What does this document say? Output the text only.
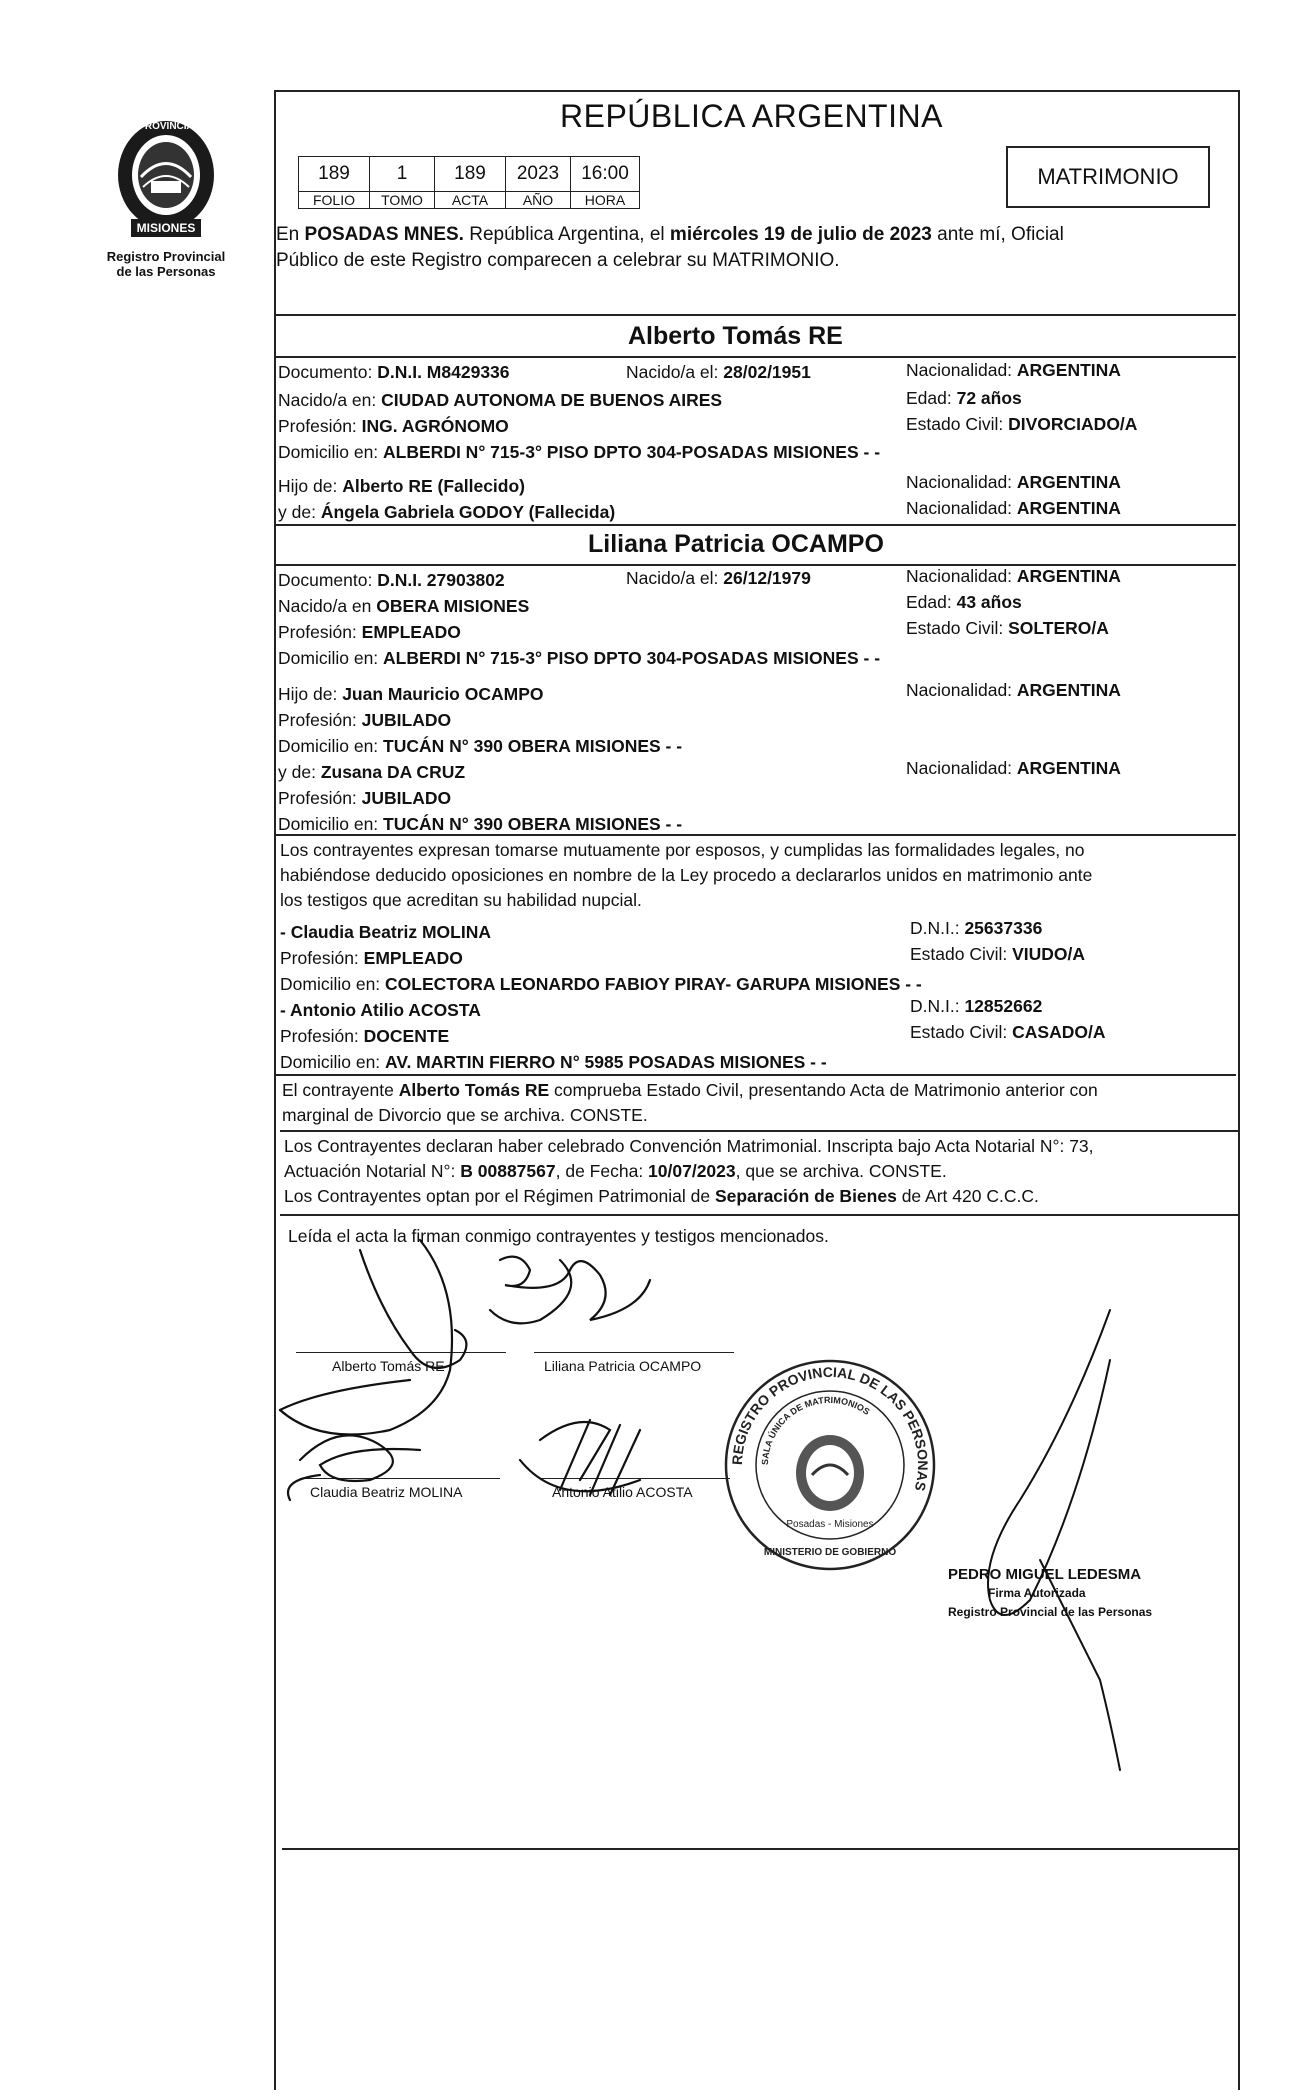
MISIONES
PROVINCIA
Registro Provincial
de las Personas
REPÚBLICA ARGENTINA
189	1	189	2023	16:00
FOLIO	TOMO	ACTA	AÑO	HORA
MATRIMONIO
En POSADAS MNES. República Argentina, el miércoles 19 de julio de 2023 ante mí, Oficial
Público de este Registro comparecen a celebrar su MATRIMONIO.
Alberto Tomás RE
Documento: D.N.I. M8429336	Nacido/a el: 28/02/1951	Nacionalidad: ARGENTINA
Nacido/a en: CIUDAD AUTONOMA DE BUENOS AIRES	Edad: 72 años
Profesión: ING. AGRÓNOMO	Estado Civil: DIVORCIADO/A
Domicilio en: ALBERDI N° 715-3° PISO DPTO 304-POSADAS MISIONES - -
Hijo de: Alberto RE (Fallecido)	Nacionalidad: ARGENTINA
y de: Ángela Gabriela GODOY (Fallecida)	Nacionalidad: ARGENTINA
Liliana Patricia OCAMPO
Documento: D.N.I. 27903802	Nacido/a el: 26/12/1979	Nacionalidad: ARGENTINA
Nacido/a en OBERA MISIONES	Edad: 43 años
Profesión: EMPLEADO	Estado Civil: SOLTERO/A
Domicilio en: ALBERDI N° 715-3° PISO DPTO 304-POSADAS MISIONES - -
Hijo de: Juan Mauricio OCAMPO	Nacionalidad: ARGENTINA
Profesión: JUBILADO
Domicilio en: TUCÁN N° 390 OBERA MISIONES - -
y de: Zusana DA CRUZ	Nacionalidad: ARGENTINA
Profesión: JUBILADO
Domicilio en: TUCÁN N° 390 OBERA MISIONES - -
Los contrayentes expresan tomarse mutuamente por esposos, y cumplidas las formalidades legales, no
habiéndose deducido oposiciones en nombre de la Ley procedo a declararlos unidos en matrimonio ante
los testigos que acreditan su habilidad nupcial.
- Claudia Beatriz MOLINA	D.N.I.: 25637336
Profesión: EMPLEADO	Estado Civil: VIUDO/A
Domicilio en: COLECTORA LEONARDO FABIOY PIRAY- GARUPA MISIONES - -
- Antonio Atilio ACOSTA	D.N.I.: 12852662
Profesión: DOCENTE	Estado Civil: CASADO/A
Domicilio en: AV. MARTIN FIERRO N° 5985 POSADAS MISIONES - -
El contrayente Alberto Tomás RE comprueba Estado Civil, presentando Acta de Matrimonio anterior con
marginal de Divorcio que se archiva. CONSTE.
Los Contrayentes declaran haber celebrado Convención Matrimonial. Inscripta bajo Acta Notarial N°: 73,
Actuación Notarial N°: B 00887567, de Fecha: 10/07/2023, que se archiva. CONSTE.
Los Contrayentes optan por el Régimen Patrimonial de Separación de Bienes de Art 420 C.C.C.
Leída el acta la firman conmigo contrayentes y testigos mencionados.
Alberto Tomás RE	Liliana Patricia OCAMPO
Claudia Beatriz MOLINA	Antonio Atilio ACOSTA
REGISTRO PROVINCIAL DE LAS PERSONAS
SALA ÚNICA DE MATRIMONIOS
MINISTERIO DE GOBIERNO
Posadas - Misiones
PEDRO MIGUEL LEDESMA
Firma Autorizada
Registro Provincial de las Personas
